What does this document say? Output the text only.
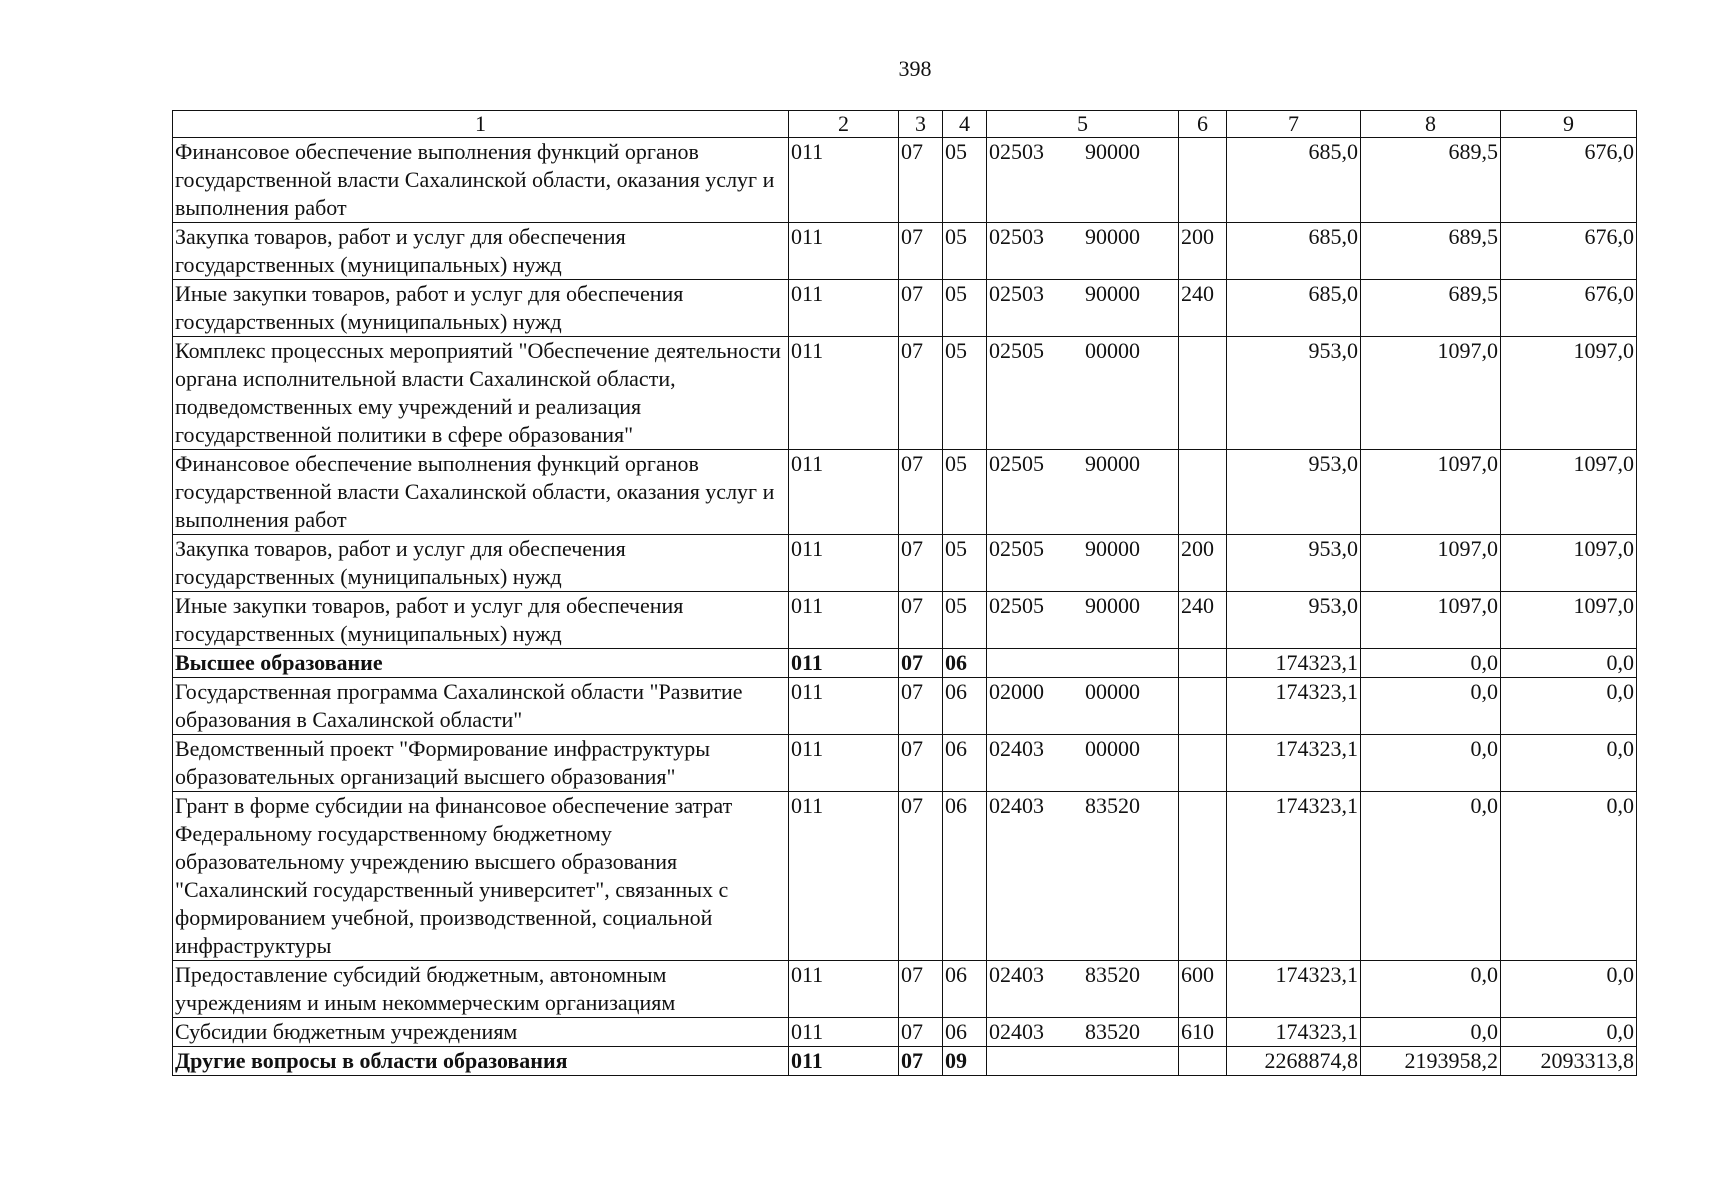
398
1	2	3	4	5	6	7	8	9
Финансовое обеспечение выполнения функций органов государственной власти Сахалинской области, оказания услуг и выполнения работ	011	07	05	02503 90000		685,0	689,5	676,0
Закупка товаров, работ и услуг для обеспечения государственных (муниципальных) нужд	011	07	05	02503 90000	200	685,0	689,5	676,0
Иные закупки товаров, работ и услуг для обеспечения государственных (муниципальных) нужд	011	07	05	02503 90000	240	685,0	689,5	676,0
Комплекс процессных мероприятий "Обеспечение деятельности органа исполнительной власти Сахалинской области, подведомственных ему учреждений и реализация государственной политики в сфере образования"	011	07	05	02505 00000		953,0	1097,0	1097,0
Финансовое обеспечение выполнения функций органов государственной власти Сахалинской области, оказания услуг и выполнения работ	011	07	05	02505 90000		953,0	1097,0	1097,0
Закупка товаров, работ и услуг для обеспечения государственных (муниципальных) нужд	011	07	05	02505 90000	200	953,0	1097,0	1097,0
Иные закупки товаров, работ и услуг для обеспечения государственных (муниципальных) нужд	011	07	05	02505 90000	240	953,0	1097,0	1097,0
Высшее образование	011	07	06			174323,1	0,0	0,0
Государственная программа Сахалинской области "Развитие образования в Сахалинской области"	011	07	06	02000 00000		174323,1	0,0	0,0
Ведомственный проект "Формирование инфраструктуры образовательных организаций высшего образования"	011	07	06	02403 00000		174323,1	0,0	0,0
Грант в форме субсидии на финансовое обеспечение затрат Федеральному государственному бюджетному образовательному учреждению высшего образования "Сахалинский государственный университет", связанных с формированием учебной, производственной, социальной инфраструктуры	011	07	06	02403 83520		174323,1	0,0	0,0
Предоставление субсидий бюджетным, автономным учреждениям и иным некоммерческим организациям	011	07	06	02403 83520	600	174323,1	0,0	0,0
Субсидии бюджетным учреждениям	011	07	06	02403 83520	610	174323,1	0,0	0,0
Другие вопросы в области образования	011	07	09			2268874,8	2193958,2	2093313,8
